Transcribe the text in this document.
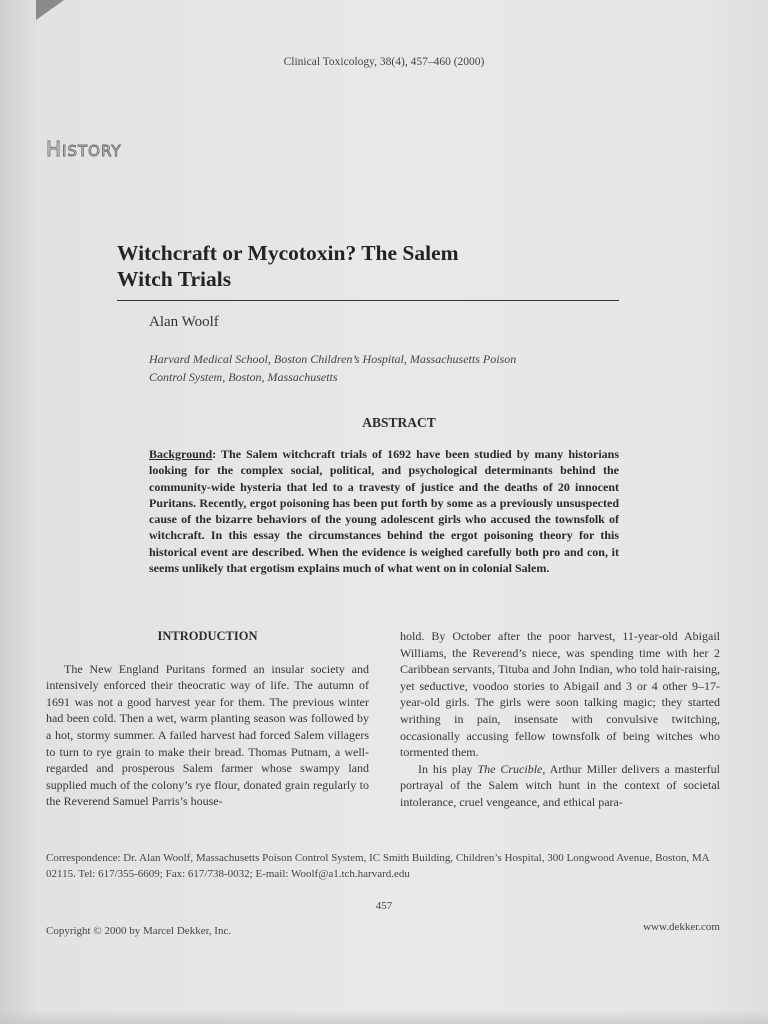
Clinical Toxicology, 38(4), 457–460 (2000)
HISTORY
Witchcraft or Mycotoxin? The Salem
Witch Trials
Alan Woolf
Harvard Medical School, Boston Children’s Hospital, Massachusetts Poison
Control System, Boston, Massachusetts
ABSTRACT
Background: The Salem witchcraft trials of 1692 have been studied by many historians looking for the complex social, political, and psychological determinants behind the community-wide hysteria that led to a travesty of justice and the deaths of 20 innocent Puritans. Recently, ergot poisoning has been put forth by some as a previously unsuspected cause of the bizarre behaviors of the young adolescent girls who accused the townsfolk of witchcraft. In this essay the circumstances behind the ergot poisoning theory for this historical event are described. When the evidence is weighed carefully both pro and con, it seems unlikely that ergotism explains much of what went on in colonial Salem.
INTRODUCTION

The New England Puritans formed an insular society and intensively enforced their theocratic way of life. The autumn of 1691 was not a good harvest year for them. The previous winter had been cold. Then a wet, warm planting season was followed by a hot, stormy summer. A failed harvest had forced Salem villagers to turn to rye grain to make their bread. Thomas Putnam, a well-regarded and prosperous Salem farmer whose swampy land supplied much of the colony’s rye flour, donated grain regularly to the Reverend Samuel Parris’s house-

hold. By October after the poor harvest, 11-year-old Abigail Williams, the Reverend’s niece, was spending time with her 2 Caribbean servants, Tituba and John Indian, who told hair-raising, yet seductive, voodoo stories to Abigail and 3 or 4 other 9–17-year-old girls. The girls were soon talking magic; they started writhing in pain, insensate with convulsive twitching, occasionally accusing fellow townsfolk of being witches who tormented them.

In his play The Crucible, Arthur Miller delivers a masterful portrayal of the Salem witch hunt in the context of societal intolerance, cruel vengeance, and ethical para-

Correspondence: Dr. Alan Woolf, Massachusetts Poison Control System, IC Smith Building, Children’s Hospital, 300 Longwood Avenue, Boston, MA 02115. Tel: 617/355-6609; Fax: 617/738-0032; E-mail: Woolf@a1.tch.harvard.edu
457
Copyright © 2000 by Marcel Dekker, Inc.	www.dekker.com
